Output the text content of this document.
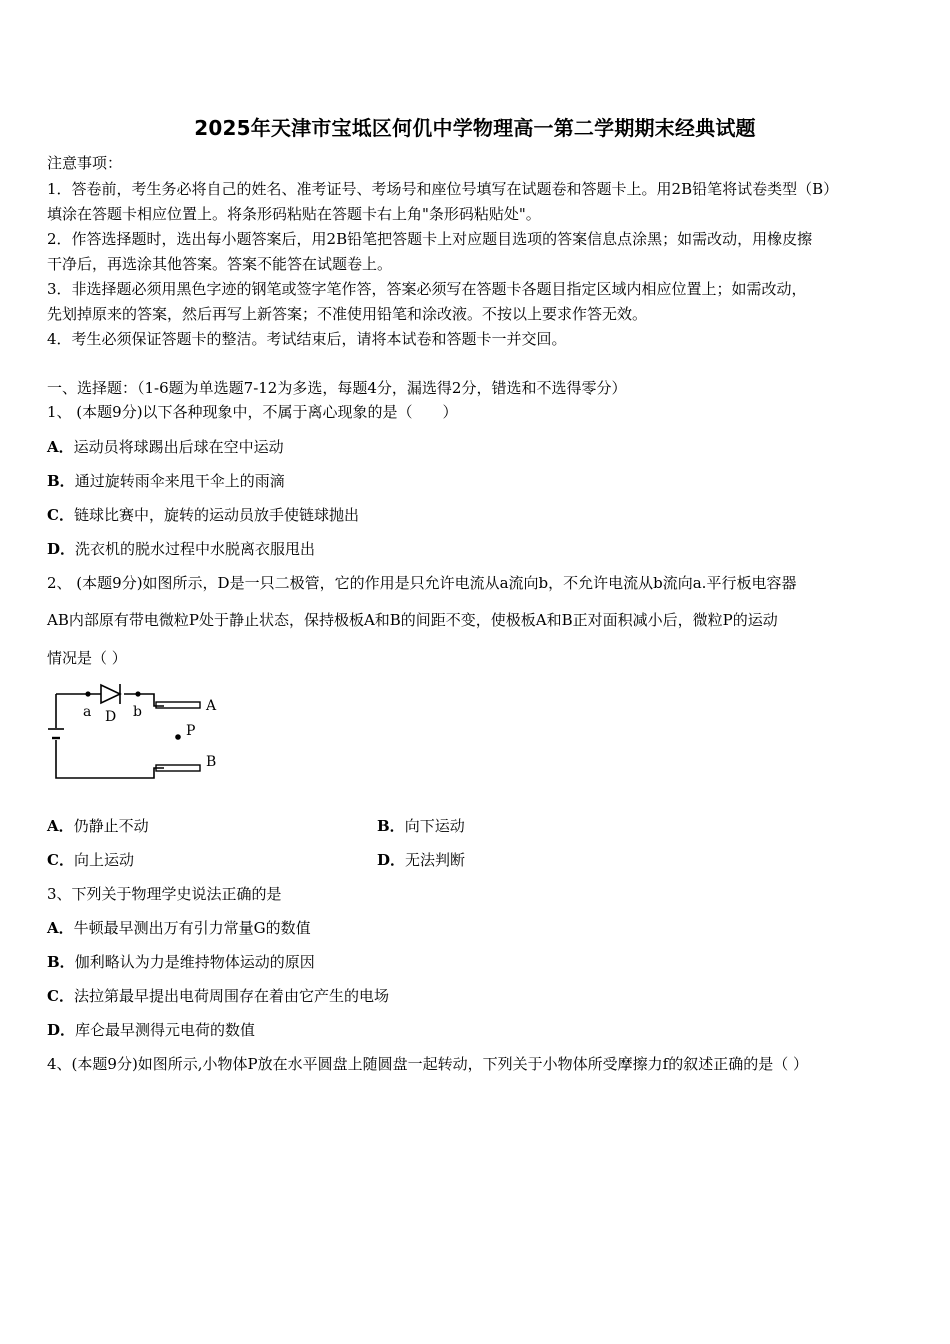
2025年天津市宝坻区何仉中学物理高一第二学期期末经典试题
注意事项：
1．答卷前，考生务必将自己的姓名、准考证号、考场号和座位号填写在试题卷和答题卡上。用2B铅笔将试卷类型（B）
填涂在答题卡相应位置上。将条形码粘贴在答题卡右上角"条形码粘贴处"。
2．作答选择题时，选出每小题答案后，用2B铅笔把答题卡上对应题目选项的答案信息点涂黑；如需改动，用橡皮擦
干净后，再选涂其他答案。答案不能答在试题卷上。
3．非选择题必须用黑色字迹的钢笔或签字笔作答，答案必须写在答题卡各题目指定区域内相应位置上；如需改动，
先划掉原来的答案，然后再写上新答案；不准使用铅笔和涂改液。不按以上要求作答无效。
4．考生必须保证答题卡的整洁。考试结束后，请将本试卷和答题卡一并交回。
一、选择题：（1-6题为单选题7-12为多选，每题4分，漏选得2分，错选和不选得零分）
1、 (本题9分)以下各种现象中，不属于离心现象的是（　　）
A．运动员将球踢出后球在空中运动
B．通过旋转雨伞来甩干伞上的雨滴
C．链球比赛中，旋转的运动员放手使链球抛出
D．洗衣机的脱水过程中水脱离衣服甩出
2、 (本题9分)如图所示，D是一只二极管，它的作用是只允许电流从a流向b，不允许电流从b流向a.平行板电容器
AB内部原有带电微粒P处于静止状态，保持极板A和B的间距不变，使极板A和B正对面积减小后，微粒P的运动
情况是（ ）
a D b	A
P
B
A．仍静止不动	B．向下运动
C．向上运动	D．无法判断
3、下列关于物理学史说法正确的是
A．牛顿最早测出万有引力常量G的数值
B．伽利略认为力是维持物体运动的原因
C．法拉第最早提出电荷周围存在着由它产生的电场
D．库仑最早测得元电荷的数值
4、(本题9分)如图所示,小物体P放在水平圆盘上随圆盘一起转动，下列关于小物体所受摩擦力f的叙述正确的是（ ）
